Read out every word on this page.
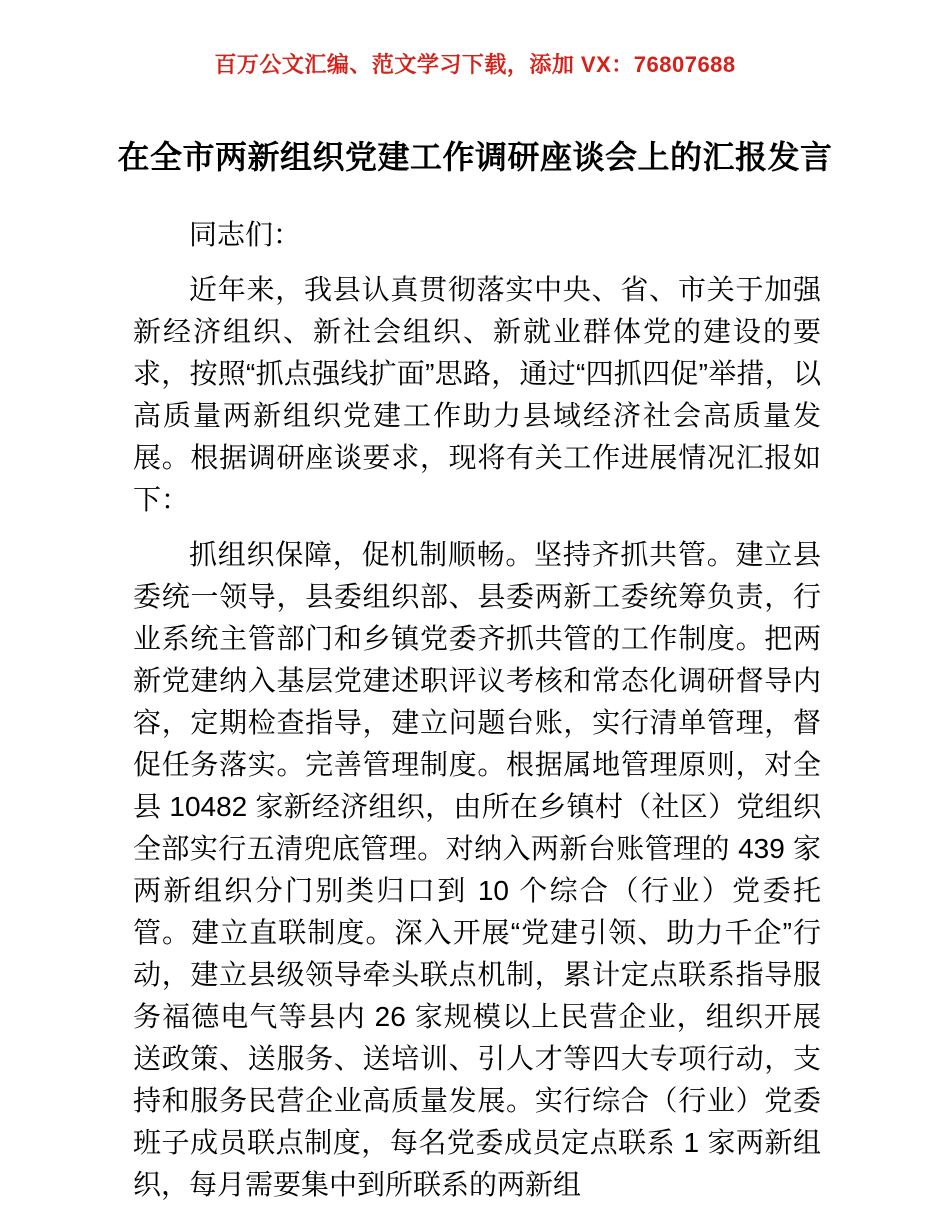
百万公文汇编、范文学习下载，添加 VX：76807688
在全市两新组织党建工作调研座谈会上的汇报发言

同志们：

近年来，我县认真贯彻落实中央、省、市关于加强新经济组织、新社会组织、新就业群体党的建设的要求，按照“抓点强线扩面”思路，通过“四抓四促”举措，以高质量两新组织党建工作助力县域经济社会高质量发展。根据调研座谈要求，现将有关工作进展情况汇报如下：

抓组织保障，促机制顺畅。坚持齐抓共管。建立县委统一领导，县委组织部、县委两新工委统筹负责，行业系统主管部门和乡镇党委齐抓共管的工作制度。把两新党建纳入基层党建述职评议考核和常态化调研督导内容，定期检查指导，建立问题台账，实行清单管理，督促任务落实。完善管理制度。根据属地管理原则，对全县 10482 家新经济组织，由所在乡镇村（社区）党组织全部实行五清兜底管理。对纳入两新台账管理的 439 家两新组织分门别类归口到 10 个综合（行业）党委托管。建立直联制度。深入开展“党建引领、助力千企”行动，建立县级领导牵头联点机制，累计定点联系指导服务福德电气等县内 26 家规模以上民营企业，组织开展送政策、送服务、送培训、引人才等四大专项行动，支持和服务民营企业高质量发展。实行综合（行业）党委班子成员联点制度，每名党委成员定点联系 1 家两新组织，每月需要集中到所联系的两新组
